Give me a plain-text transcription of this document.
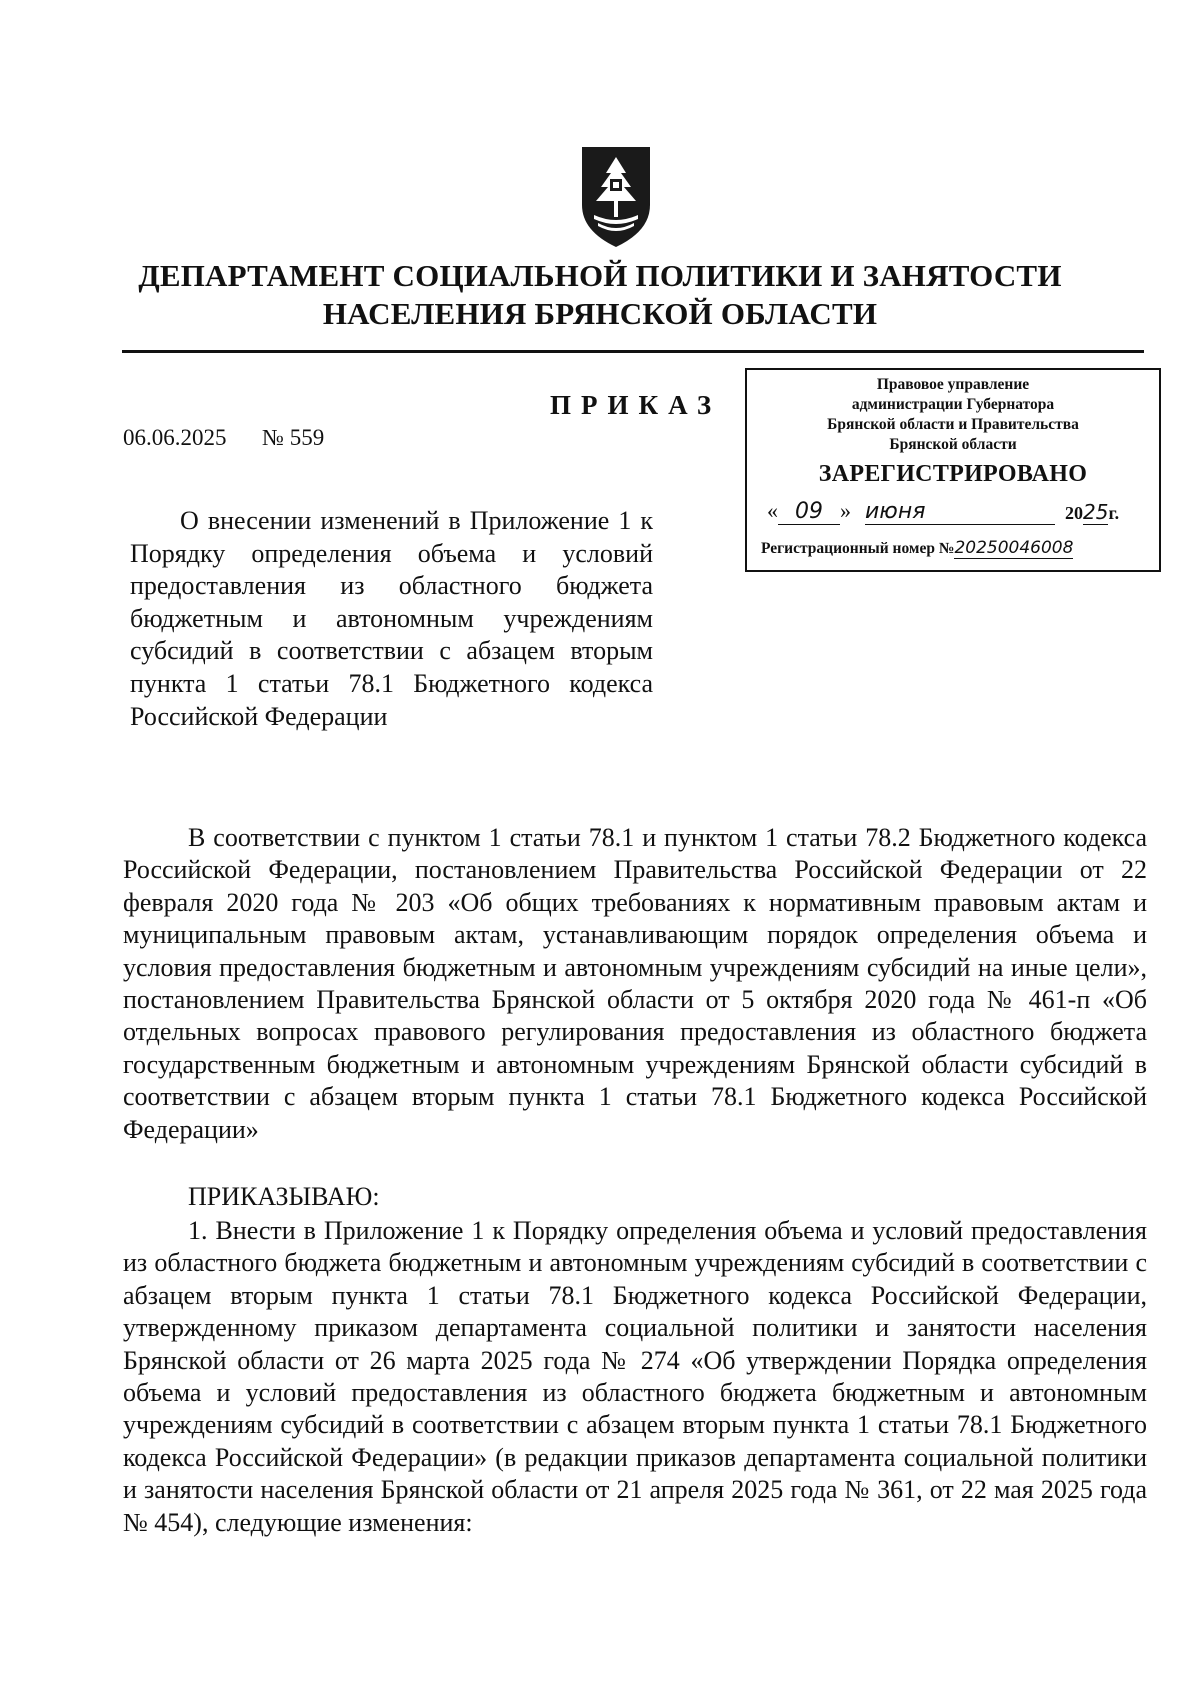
ДЕПАРТАМЕНТ СОЦИАЛЬНОЙ ПОЛИТИКИ И ЗАНЯТОСТИ
НАСЕЛЕНИЯ БРЯНСКОЙ ОБЛАСТИ
ПРИКАЗ
06.06.2025 № 559
Правовое управление
администрации Губернатора
Брянской области и Правительства
Брянской области
ЗАРЕГИСТРИРОВАНО
« 09 » июня	2025г.
Регистрационный номер №2025004600​8
О внесении изменений в Приложение 1 к Порядку определения объема и условий предоставления из областного бюджета бюджетным и автономным учреждениям субсидий в соответствии с абзацем вторым пункта 1 статьи 78.1 Бюджетного кодекса Российской Федерации
В соответствии с пунктом 1 статьи 78.1 и пунктом 1 статьи 78.2 Бюджетного кодекса Российской Федерации, постановлением Правительства Российской Федерации от 22 февраля 2020 года № 203 «Об общих требованиях к нормативным правовым актам и муниципальным правовым актам, устанавливающим порядок определения объема и условия предоставления бюджетным и автономным учреждениям субсидий на иные цели», постановлением Правительства Брянской области от 5 октября 2020 года № 461-п «Об отдельных вопросах правового регулирования предоставления из областного бюджета государственным бюджетным и автономным учреждениям Брянской области субсидий в соответствии с абзацем вторым пункта 1 статьи 78.1 Бюджетного кодекса Российской Федерации»
ПРИКАЗЫВАЮ:
1. Внести в Приложение 1 к Порядку определения объема и условий предоставления из областного бюджета бюджетным и автономным учреждениям субсидий в соответствии с абзацем вторым пункта 1 статьи 78.1 Бюджетного кодекса Российской Федерации, утвержденному приказом департамента социальной политики и занятости населения Брянской области от 26 марта 2025 года № 274 «Об утверждении Порядка определения объема и условий предоставления из областного бюджета бюджетным и автономным учреждениям субсидий в соответствии с абзацем вторым пункта 1 статьи 78.1 Бюджетного кодекса Российской Федерации» (в редакции приказов департамента социальной политики и занятости населения Брянской области от 21 апреля 2025 года № 361, от 22 мая 2025 года № 454), следующие изменения:
